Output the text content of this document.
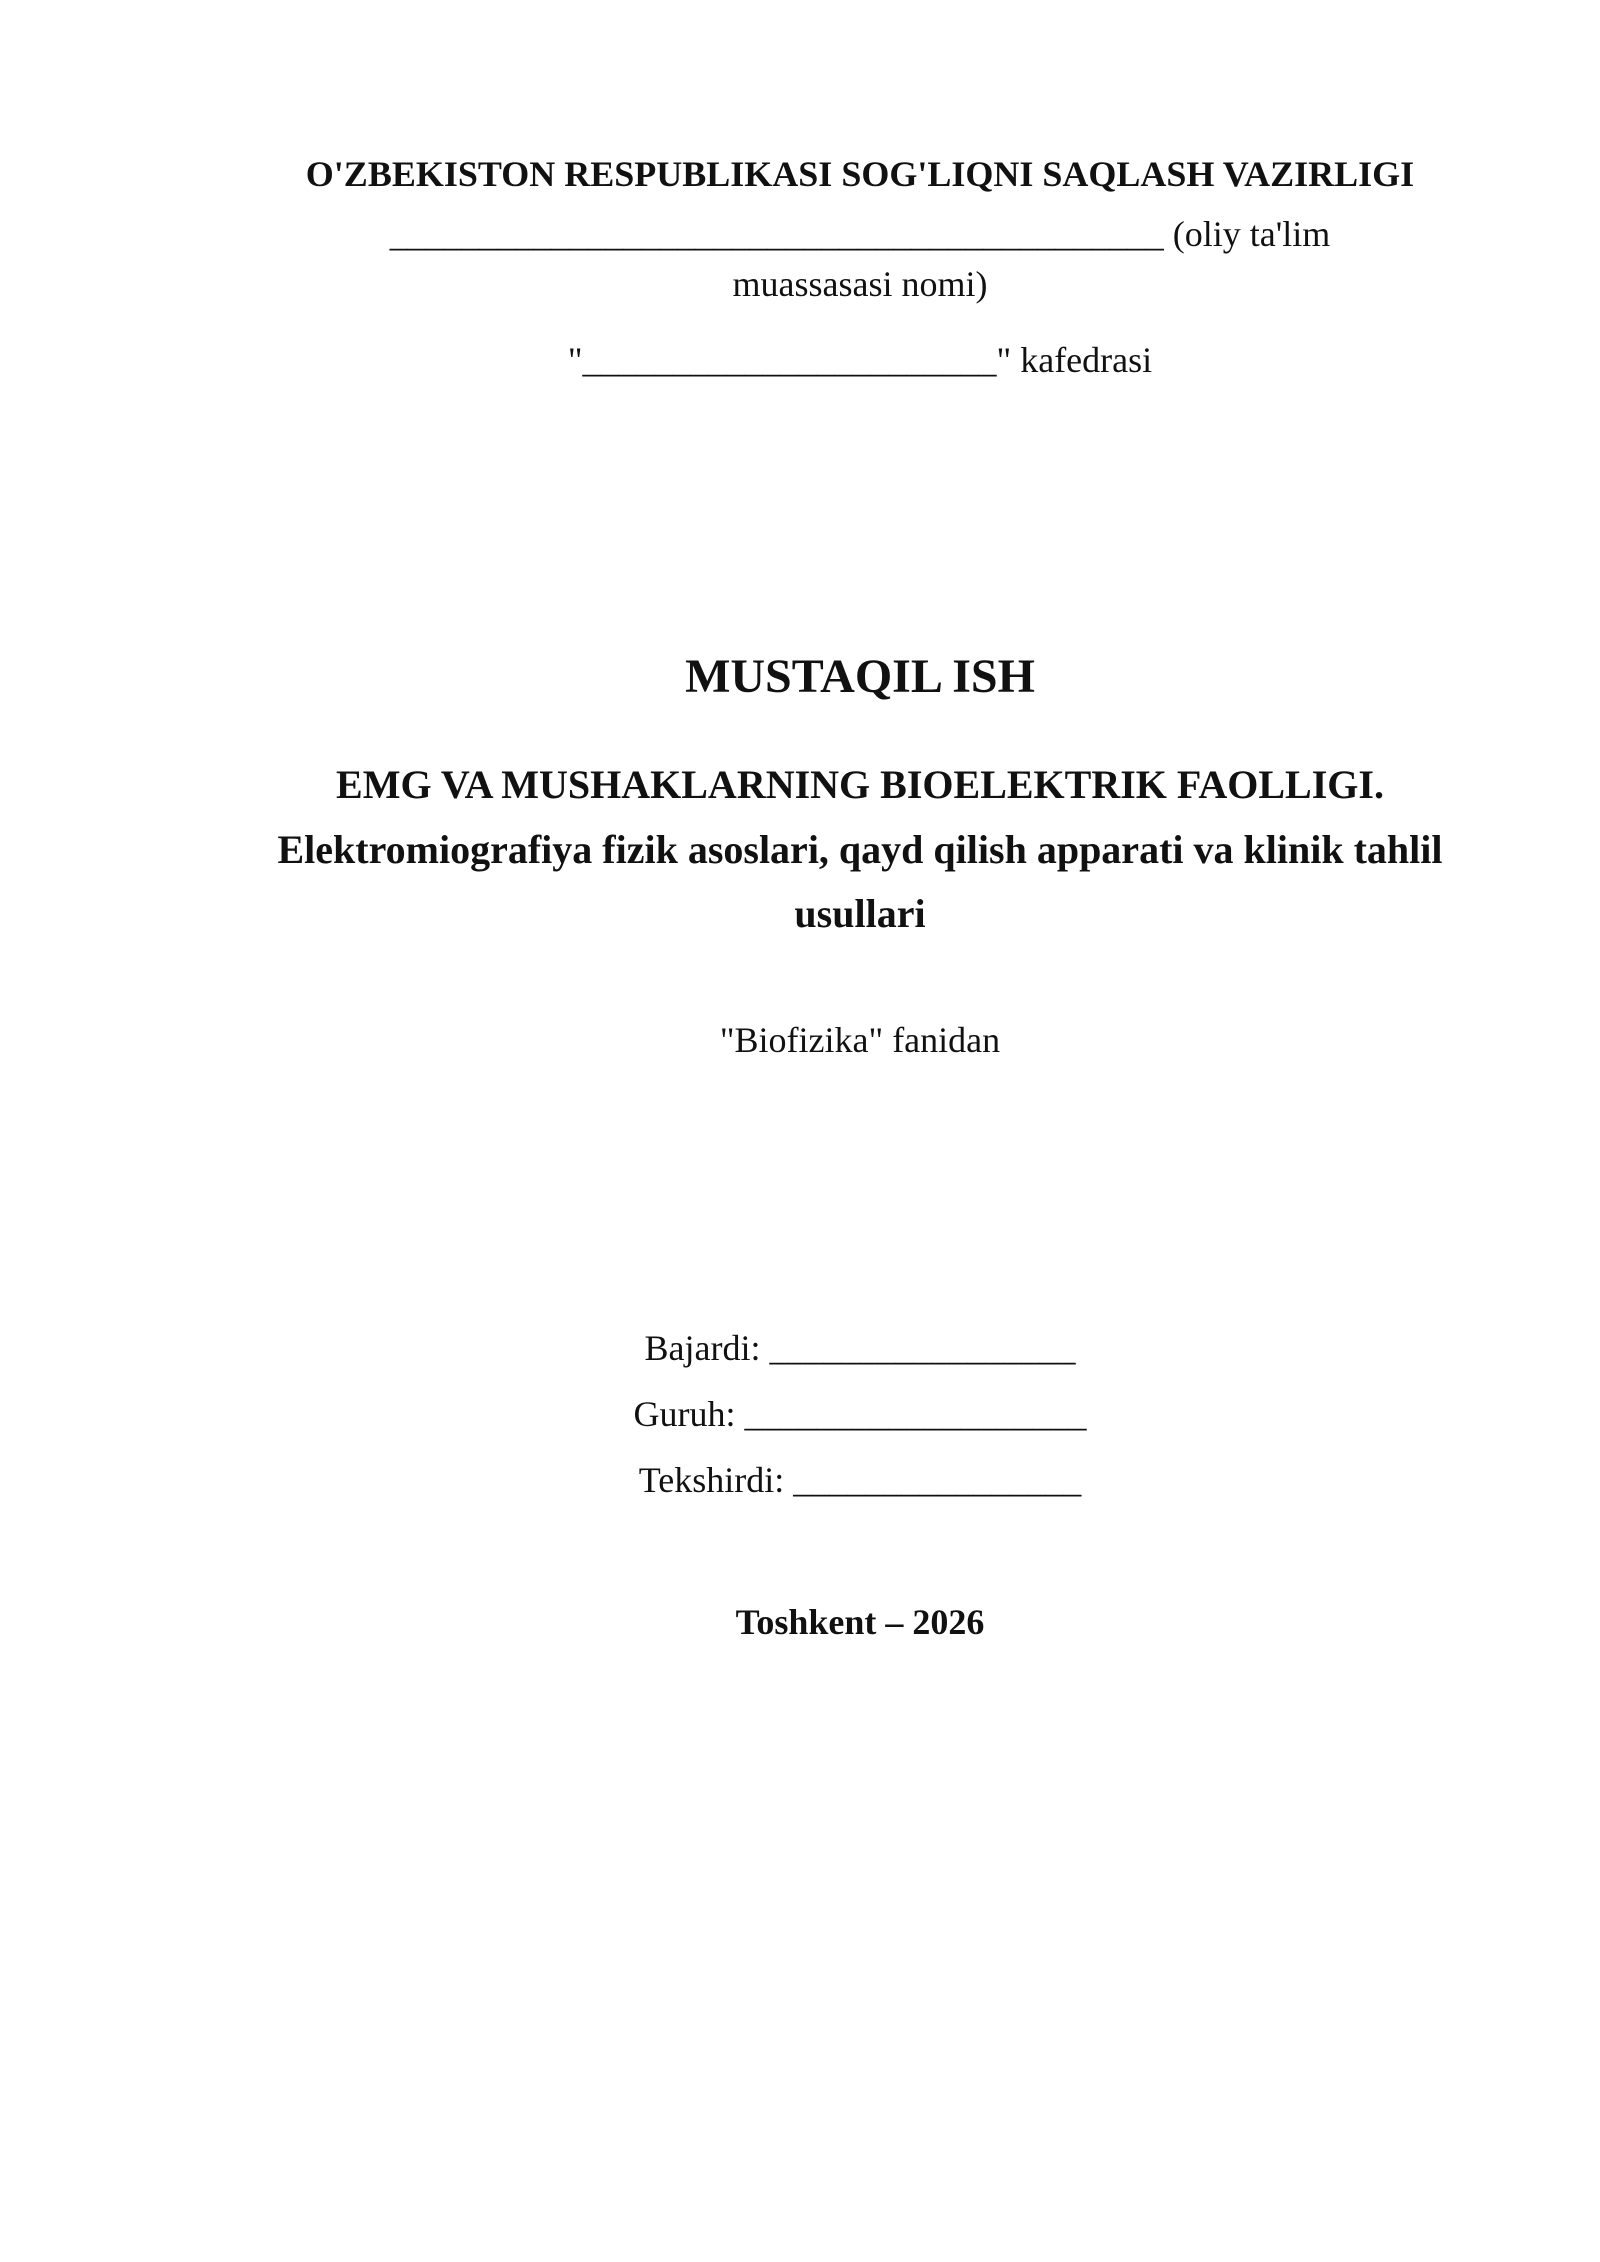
O'ZBEKISTON RESPUBLIKASI SOG'LIQNI SAQLASH VAZIRLIGI
___________________________________________ (oliy ta'lim
muassasasi nomi)
"_______________________" kafedrasi
MUSTAQIL ISH
EMG VA MUSHAKLARNING BIOELEKTRIK FAOLLIGI.
Elektromiografiya fizik asoslari, qayd qilish apparati va klinik tahlil usullari
"Biofizika" fanidan
Bajardi: _________________
Guruh: ___________________
Tekshirdi: ________________
Toshkent – 2026
